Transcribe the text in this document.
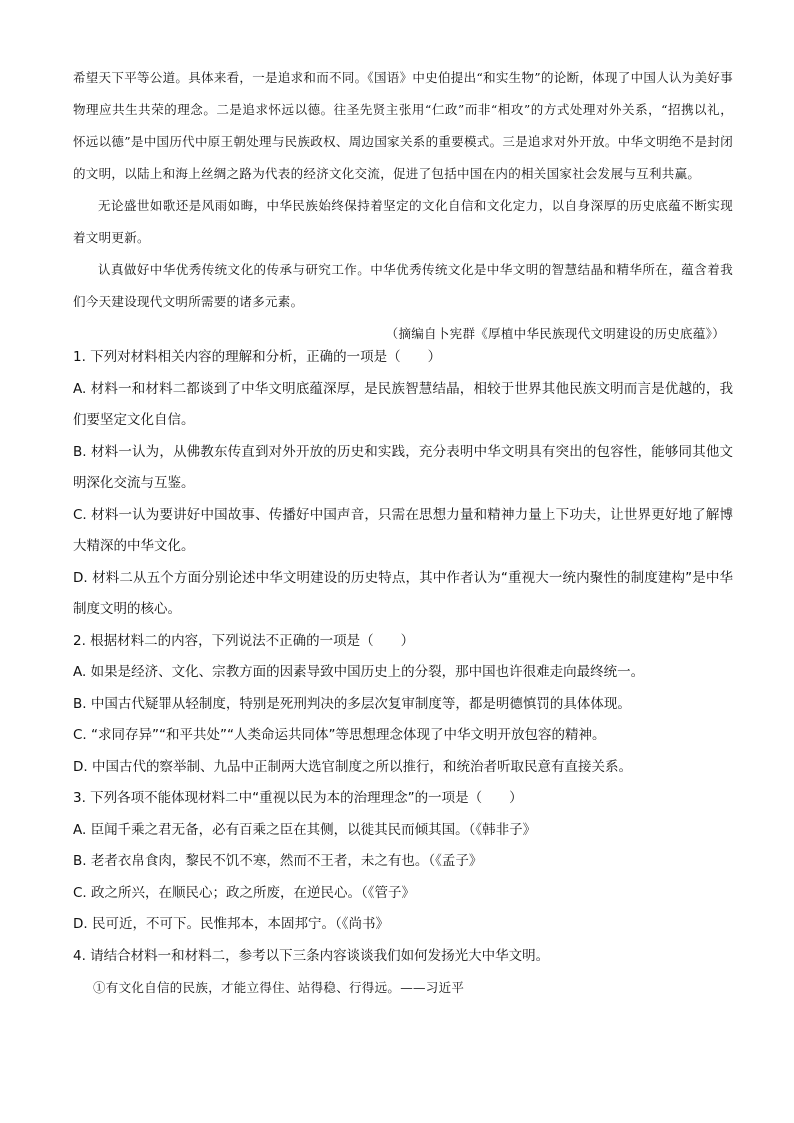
希望天下平等公道。具体来看，一是追求和而不同。《国语》中史伯提出“和实生物”的论断，体现了中国人认为美好事物理应共生共荣的理念。二是追求怀远以德。往圣先贤主张用“仁政”而非“相攻”的方式处理对外关系，“招携以礼，怀远以德”是中国历代中原王朝处理与民族政权、周边国家关系的重要模式。三是追求对外开放。中华文明绝不是封闭的文明，以陆上和海上丝绸之路为代表的经济文化交流，促进了包括中国在内的相关国家社会发展与互利共赢。

无论盛世如歌还是风雨如晦，中华民族始终保持着坚定的文化自信和文化定力，以自身深厚的历史底蕴不断实现着文明更新。

认真做好中华优秀传统文化的传承与研究工作。中华优秀传统文化是中华文明的智慧结晶和精华所在，蕴含着我们今天建设现代文明所需要的诸多元素。

（摘编自卜宪群《厚植中华民族现代文明建设的历史底蕴》）

1. 下列对材料相关内容的理解和分析，正确的一项是（　　）

A. 材料一和材料二都谈到了中华文明底蕴深厚，是民族智慧结晶，相较于世界其他民族文明而言是优越的，我们要坚定文化自信。

B. 材料一认为，从佛教东传直到对外开放的历史和实践，充分表明中华文明具有突出的包容性，能够同其他文明深化交流与互鉴。

C. 材料一认为要讲好中国故事、传播好中国声音，只需在思想力量和精神力量上下功夫，让世界更好地了解博大精深的中华文化。

D. 材料二从五个方面分别论述中华文明建设的历史特点，其中作者认为“重视大一统内聚性的制度建构”是中华制度文明的核心。

2. 根据材料二的内容，下列说法不正确的一项是（　　）

A. 如果是经济、文化、宗教方面的因素导致中国历史上的分裂，那中国也许很难走向最终统一。

B. 中国古代疑罪从轻制度，特别是死刑判决的多层次复审制度等，都是明德慎罚的具体体现。

C. “求同存异”“和平共处”“人类命运共同体”等思想理念体现了中华文明开放包容的精神。

D. 中国古代的察举制、九品中正制两大选官制度之所以推行，和统治者听取民意有直接关系。

3. 下列各项不能体现材料二中“重视以民为本的治理理念”的一项是（　　）

A. 臣闻千乘之君无备，必有百乘之臣在其侧，以徙其民而倾其国。（《韩非子》

B. 老者衣帛食肉，黎民不饥不寒，然而不王者，未之有也。（《孟子》

C. 政之所兴，在顺民心；政之所废，在逆民心。（《管子》

D. 民可近，不可下。民惟邦本，本固邦宁。（《尚书》

4. 请结合材料一和材料二，参考以下三条内容谈谈我们如何发扬光大中华文明。

①有文化自信的民族，才能立得住、站得稳、行得远。——习近平
